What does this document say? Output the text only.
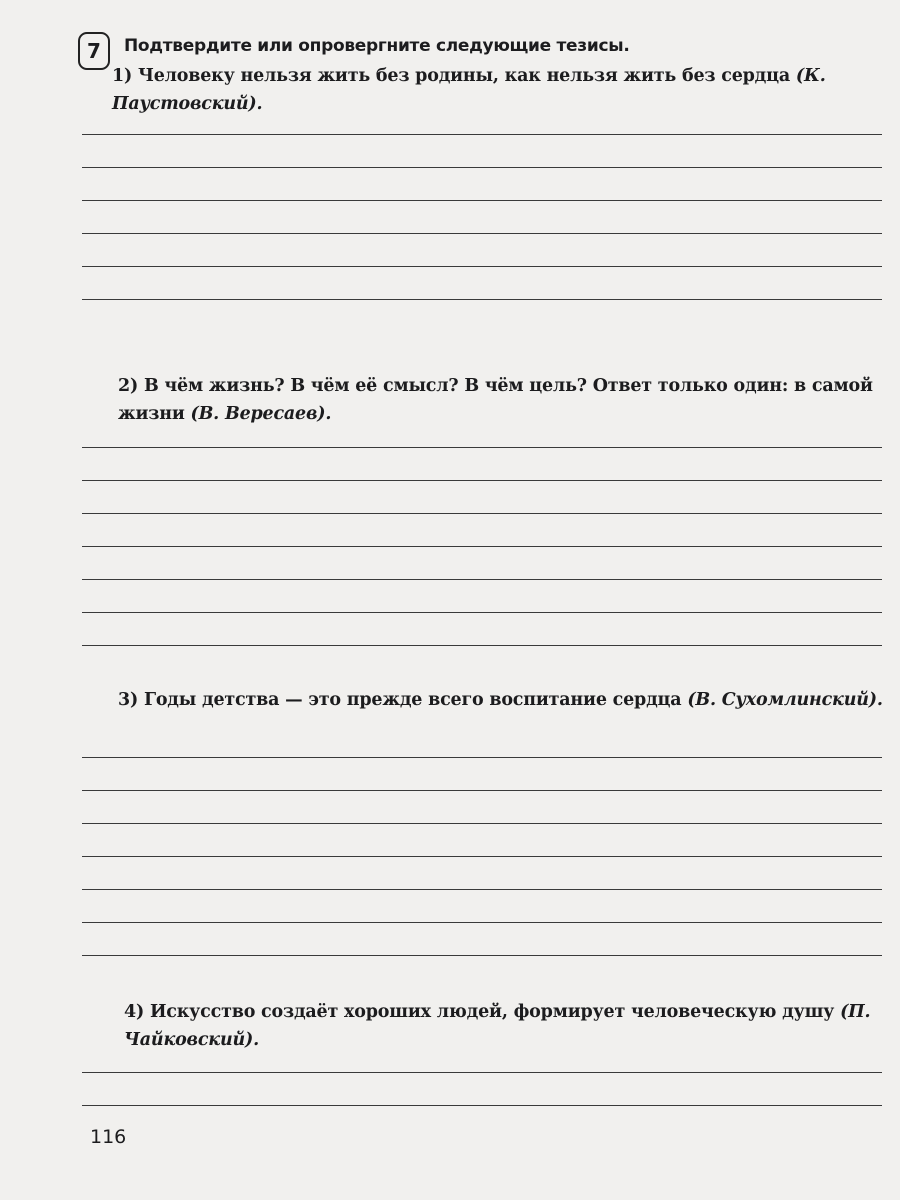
7	Подтвердите или опровергните следующие тезисы.
1) Человеку нельзя жить без родины, как нельзя жить без сердца (К. Паустовский).
2) В чём жизнь? В чём её смысл? В чём цель? Ответ только один: в самой жизни (В. Вересаев).
3) Годы детства — это прежде всего воспитание сердца (В. Сухомлинский).
4) Искусство создаёт хороших людей, формирует человеческую душу (П. Чайковский).
116
